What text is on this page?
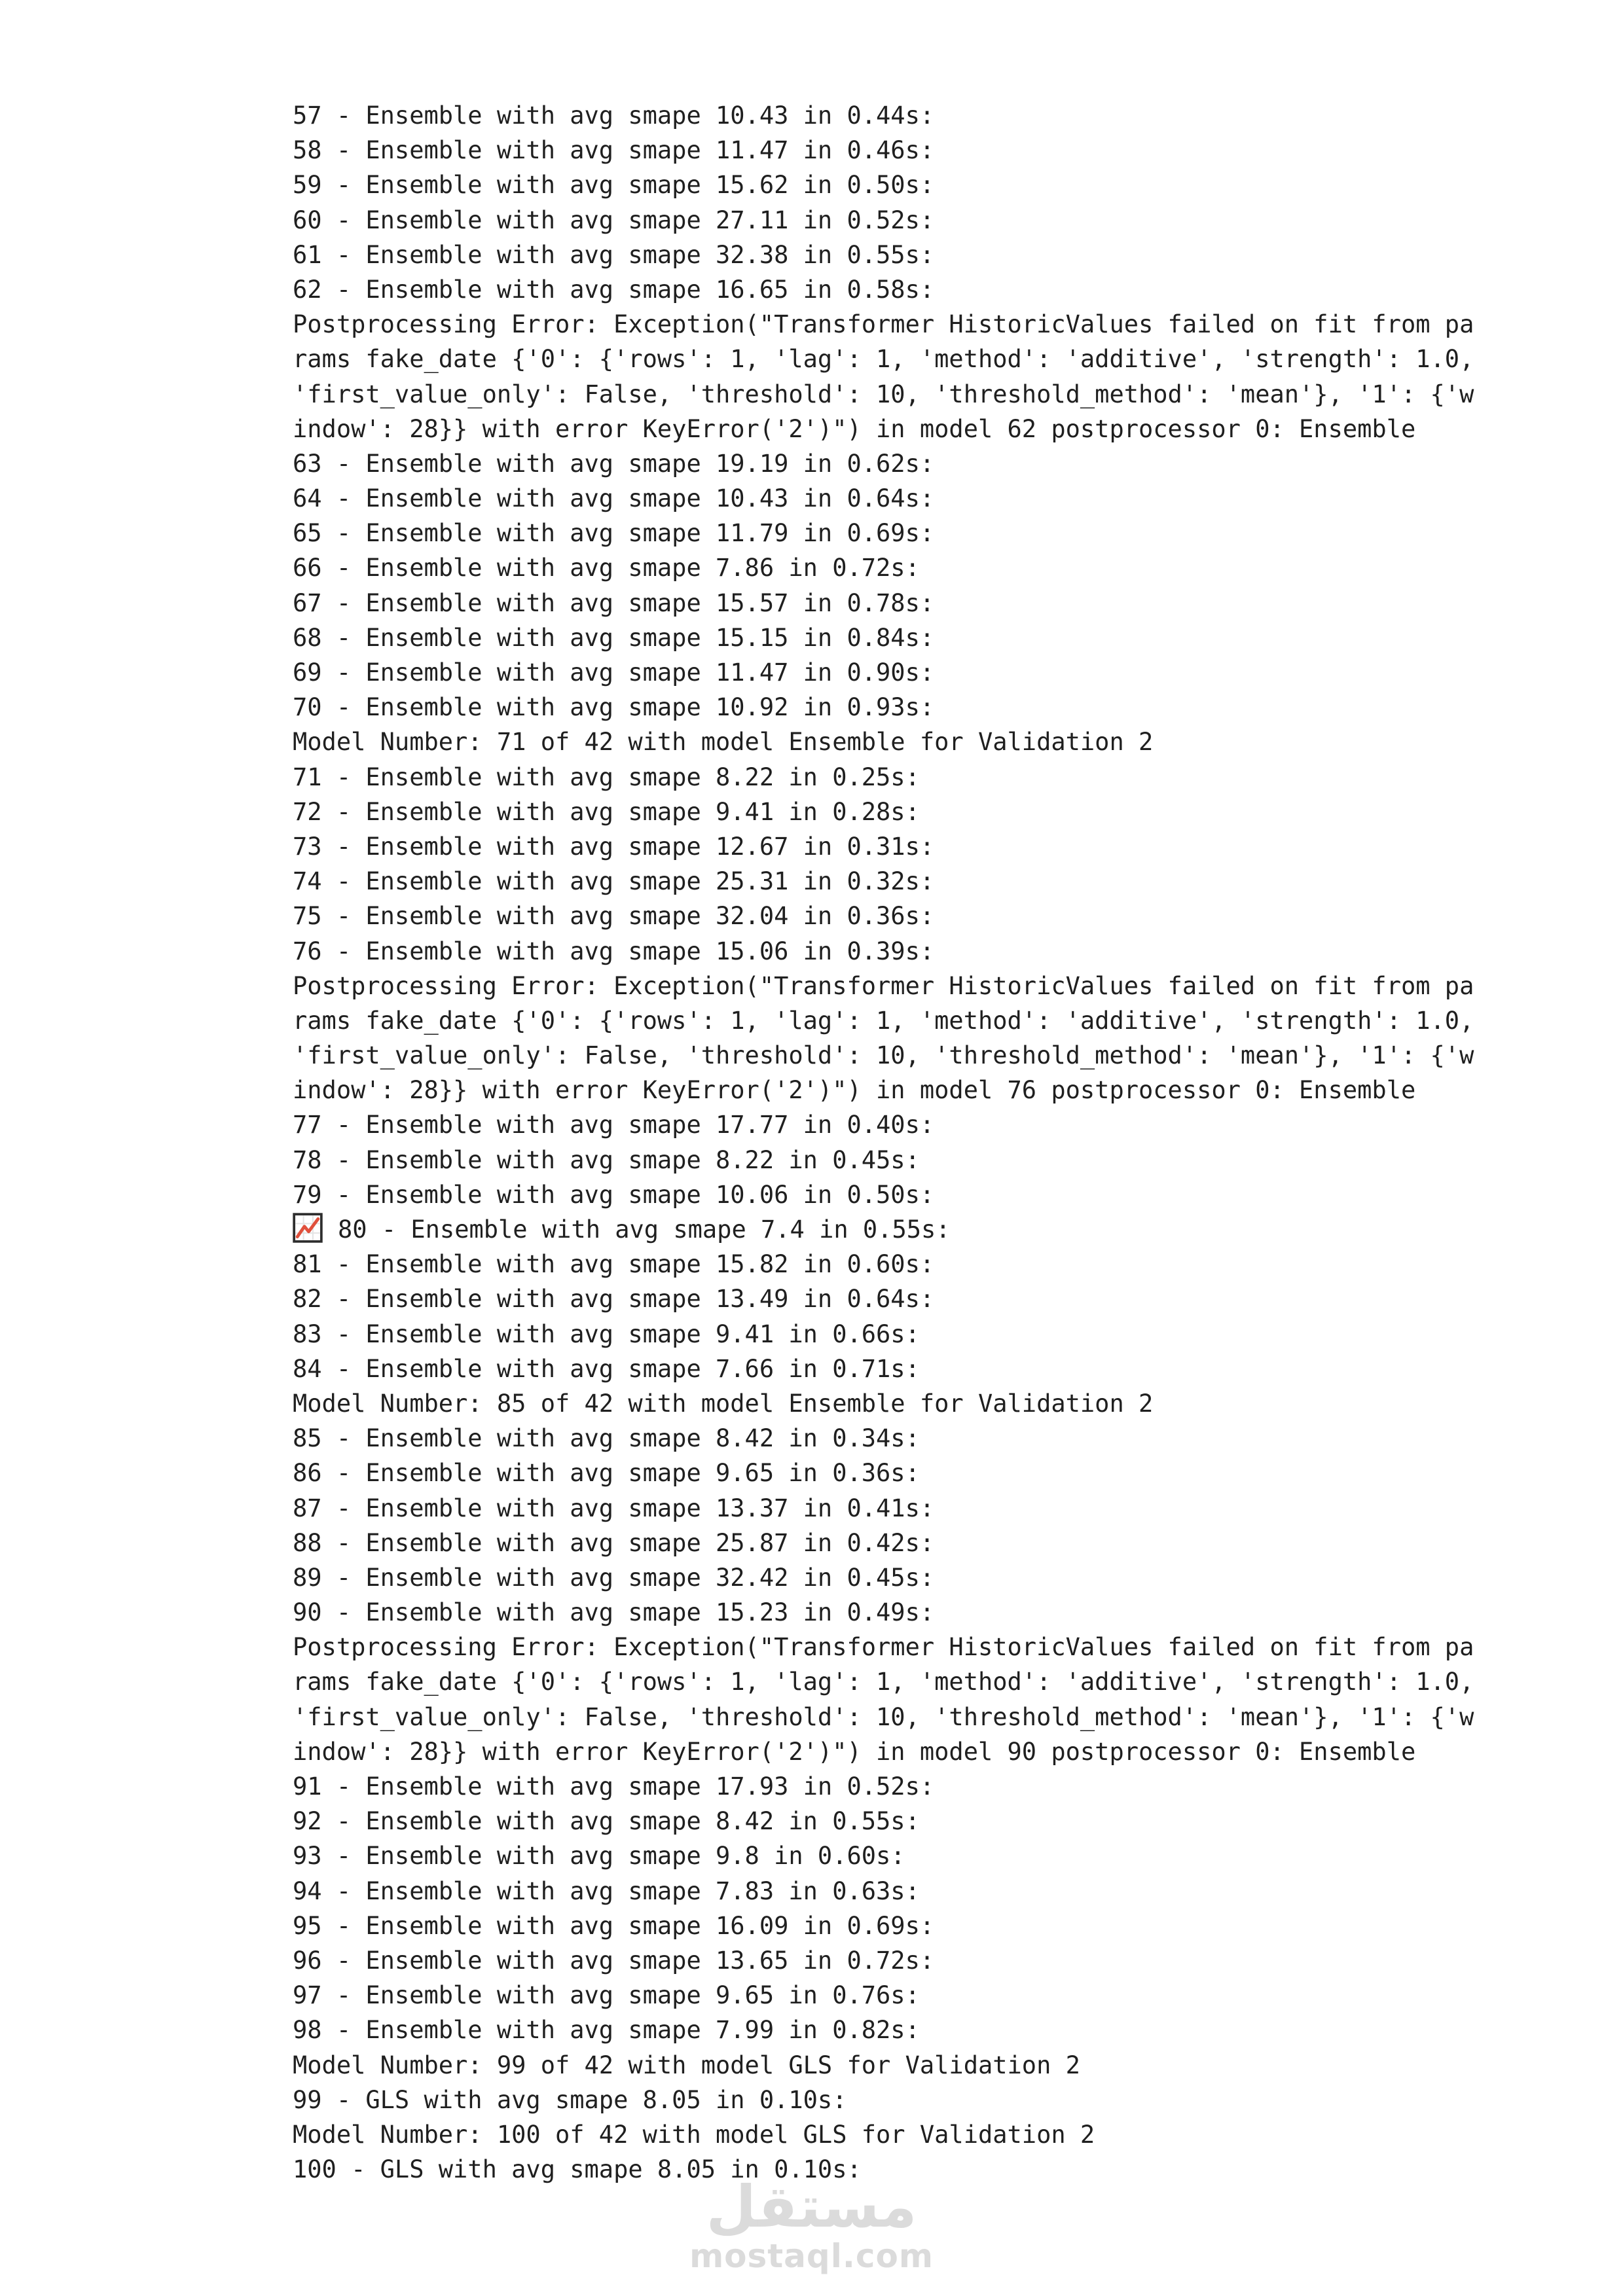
57 - Ensemble with avg smape 10.43 in 0.44s:
58 - Ensemble with avg smape 11.47 in 0.46s:
59 - Ensemble with avg smape 15.62 in 0.50s:
60 - Ensemble with avg smape 27.11 in 0.52s:
61 - Ensemble with avg smape 32.38 in 0.55s:
62 - Ensemble with avg smape 16.65 in 0.58s:
Postprocessing Error: Exception("Transformer HistoricValues failed on fit from pa
rams fake_date {'0': {'rows': 1, 'lag': 1, 'method': 'additive', 'strength': 1.0,
'first_value_only': False, 'threshold': 10, 'threshold_method': 'mean'}, '1': {'w
indow': 28}} with error KeyError('2')") in model 62 postprocessor 0: Ensemble
63 - Ensemble with avg smape 19.19 in 0.62s:
64 - Ensemble with avg smape 10.43 in 0.64s:
65 - Ensemble with avg smape 11.79 in 0.69s:
66 - Ensemble with avg smape 7.86 in 0.72s:
67 - Ensemble with avg smape 15.57 in 0.78s:
68 - Ensemble with avg smape 15.15 in 0.84s:
69 - Ensemble with avg smape 11.47 in 0.90s:
70 - Ensemble with avg smape 10.92 in 0.93s:
Model Number: 71 of 42 with model Ensemble for Validation 2
71 - Ensemble with avg smape 8.22 in 0.25s:
72 - Ensemble with avg smape 9.41 in 0.28s:
73 - Ensemble with avg smape 12.67 in 0.31s:
74 - Ensemble with avg smape 25.31 in 0.32s:
75 - Ensemble with avg smape 32.04 in 0.36s:
76 - Ensemble with avg smape 15.06 in 0.39s:
Postprocessing Error: Exception("Transformer HistoricValues failed on fit from pa
rams fake_date {'0': {'rows': 1, 'lag': 1, 'method': 'additive', 'strength': 1.0,
'first_value_only': False, 'threshold': 10, 'threshold_method': 'mean'}, '1': {'w
indow': 28}} with error KeyError('2')") in model 76 postprocessor 0: Ensemble
77 - Ensemble with avg smape 17.77 in 0.40s:
78 - Ensemble with avg smape 8.22 in 0.45s:
79 - Ensemble with avg smape 10.06 in 0.50s:
80 - Ensemble with avg smape 7.4 in 0.55s:
81 - Ensemble with avg smape 15.82 in 0.60s:
82 - Ensemble with avg smape 13.49 in 0.64s:
83 - Ensemble with avg smape 9.41 in 0.66s:
84 - Ensemble with avg smape 7.66 in 0.71s:
Model Number: 85 of 42 with model Ensemble for Validation 2
85 - Ensemble with avg smape 8.42 in 0.34s:
86 - Ensemble with avg smape 9.65 in 0.36s:
87 - Ensemble with avg smape 13.37 in 0.41s:
88 - Ensemble with avg smape 25.87 in 0.42s:
89 - Ensemble with avg smape 32.42 in 0.45s:
90 - Ensemble with avg smape 15.23 in 0.49s:
Postprocessing Error: Exception("Transformer HistoricValues failed on fit from pa
rams fake_date {'0': {'rows': 1, 'lag': 1, 'method': 'additive', 'strength': 1.0,
'first_value_only': False, 'threshold': 10, 'threshold_method': 'mean'}, '1': {'w
indow': 28}} with error KeyError('2')") in model 90 postprocessor 0: Ensemble
91 - Ensemble with avg smape 17.93 in 0.52s:
92 - Ensemble with avg smape 8.42 in 0.55s:
93 - Ensemble with avg smape 9.8 in 0.60s:
94 - Ensemble with avg smape 7.83 in 0.63s:
95 - Ensemble with avg smape 16.09 in 0.69s:
96 - Ensemble with avg smape 13.65 in 0.72s:
97 - Ensemble with avg smape 9.65 in 0.76s:
98 - Ensemble with avg smape 7.99 in 0.82s:
Model Number: 99 of 42 with model GLS for Validation 2
99 - GLS with avg smape 8.05 in 0.10s:
Model Number: 100 of 42 with model GLS for Validation 2
100 - GLS with avg smape 8.05 in 0.10s:
مستقل
mostaql.com
